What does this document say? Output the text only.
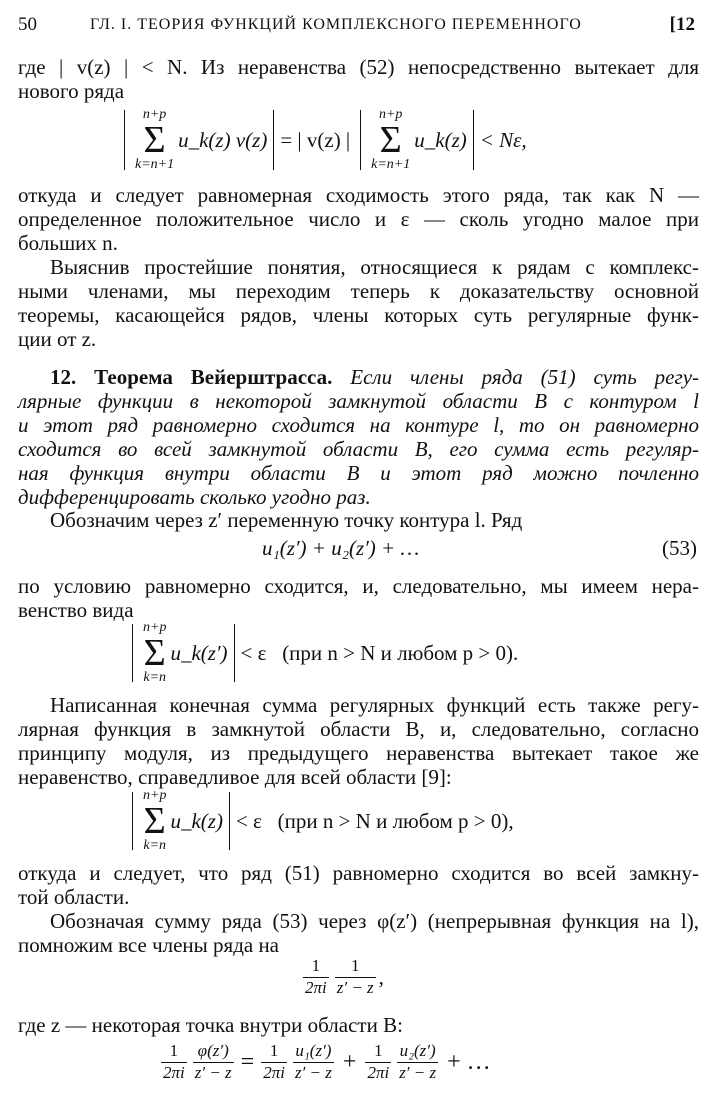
50	ГЛ. I. ТЕОРИЯ ФУНКЦИЙ КОМПЛЕКСНОГО ПЕРЕМЕННОГО	[12
где | v(z) | < N. Из неравенства (52) непосредственно вытекает для
нового ряда
n+p
Σ
k=n+1
u_k(z) v(z) = | v(z) |
n+p
Σ
k=n+1
u_k(z) < Nε,
откуда и следует равномерная сходимость этого ряда, так как N —
определенное положительное число и ε — сколь угодно малое при
больших n.
Выяснив простейшие понятия, относящиеся к рядам с комплекс-
ными членами, мы переходим теперь к доказательству основной
теоремы, касающейся рядов, члены которых суть регулярные функ-
ции от z.
12. Теорема Вейерштрасса. Если члены ряда (51) суть регу-
лярные функции в некоторой замкнутой области B с контуром l
и этот ряд равномерно сходится на контуре l, то он равномерно
сходится во всей замкнутой области B, его сумма есть регуляр-
ная функция внутри области B и этот ряд можно почленно
дифференцировать сколько угодно раз.
Обозначим через z′ переменную точку контура l. Ряд
u₁(z′) + u₂(z′) + …	(53)
по условию равномерно сходится, и, следовательно, мы имеем нера-
венство вида
n+p
Σ
k=n
u_k(z′) < ε   (при n > N и любом p > 0).
Написанная конечная сумма регулярных функций есть также регу-
лярная функция в замкнутой области B, и, следовательно, согласно
принципу модуля, из предыдущего неравенства вытекает такое же
неравенство, справедливое для всей области [9]:
n+p
Σ
k=n
u_k(z) < ε   (при n > N и любом p > 0),
откуда и следует, что ряд (51) равномерно сходится во всей замкну-
той области.
Обозначая сумму ряда (53) через φ(z′) (непрерывная функция на l),
помножим все члены ряда на
$\frac{1}{2\pi i} \frac{1}{z' - z}$ ,
где z — некоторая точка внутри области B:
$\frac{1}{2\pi i} \frac{\varphi(z')}{z' - z} = \frac{1}{2\pi i} \frac{\text{u₁(z′)}}{z' - z} + \frac{1}{2\pi i} \frac{\text{u₂(z′)}}{z' - z}$ + …
